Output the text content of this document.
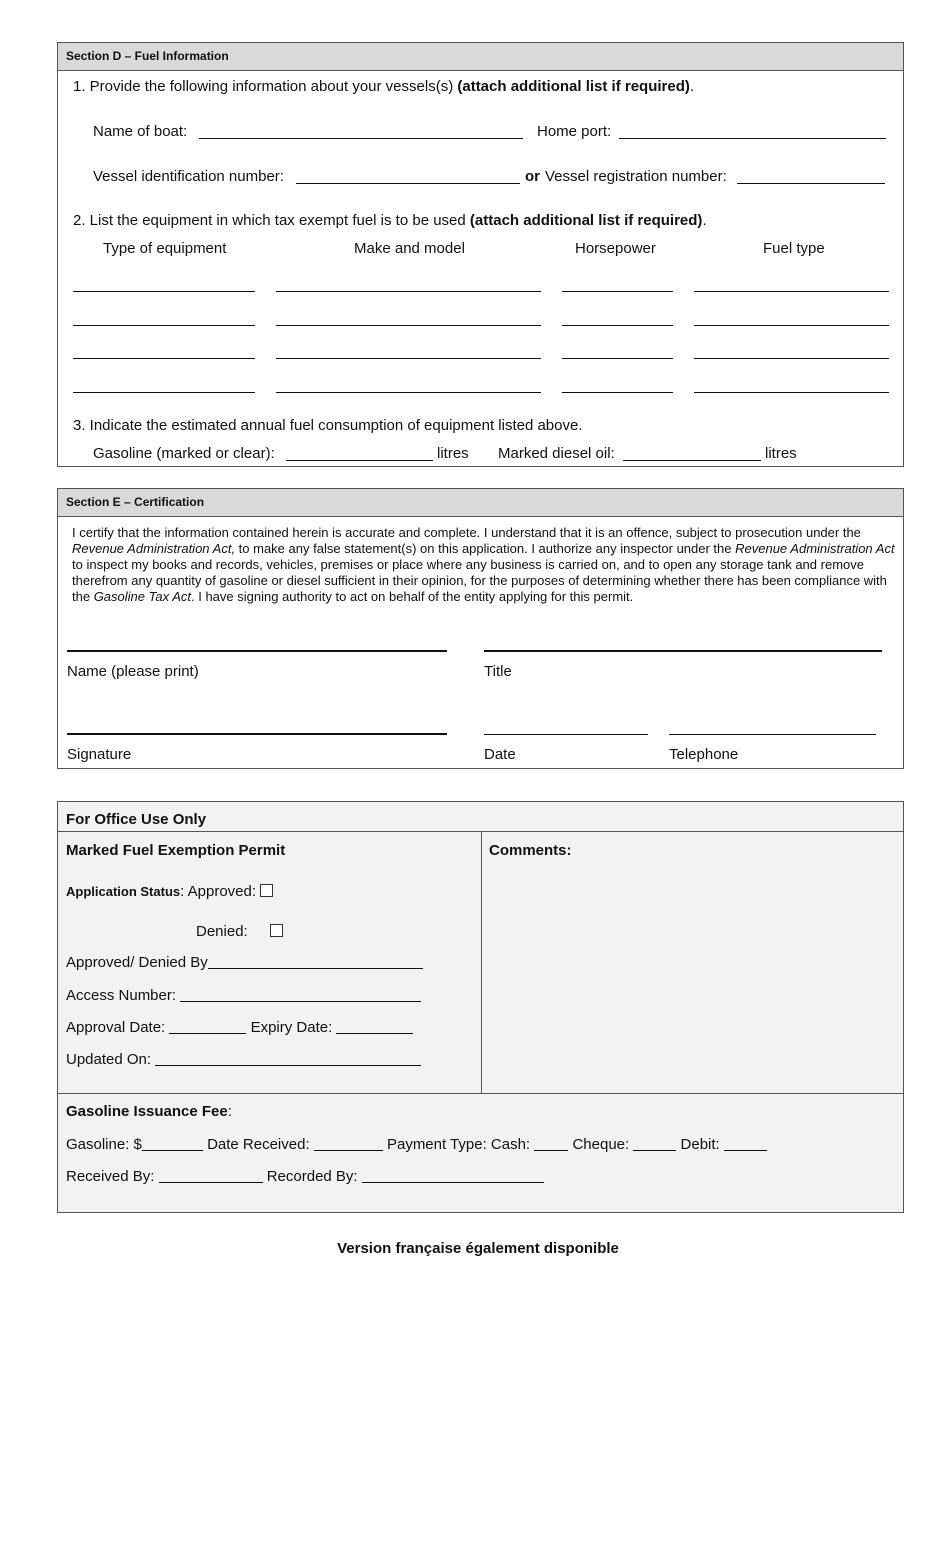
Section D – Fuel Information
1. Provide the following information about your vessels(s) (attach additional list if required).
Name of boat:	Home port:
Vessel identification number:	or Vessel registration number:
2. List the equipment in which tax exempt fuel is to be used (attach additional list if required).
Type of equipment	Make and model	Horsepower	Fuel type
3. Indicate the estimated annual fuel consumption of equipment listed above.
Gasoline (marked or clear):	litres Marked diesel oil:	litres
Section E – Certification
I certify that the information contained herein is accurate and complete. I understand that it is an offence, subject to prosecution under the Revenue Administration Act, to make any false statement(s) on this application. I authorize any inspector under the Revenue Administration Act to inspect my books and records, vehicles, premises or place where any business is carried on, and to open any storage tank and remove therefrom any quantity of gasoline or diesel sufficient in their opinion, for the purposes of determining whether there has been compliance with the Gasoline Tax Act. I have signing authority to act on behalf of the entity applying for this permit.
Name (please print)	Title
Signature	Date	Telephone
For Office Use Only
Marked Fuel Exemption Permit	Comments:
Application Status: Approved:
Denied:
Approved/ Denied By
Access Number:
Approval Date:	Expiry Date:
Updated On:
Gasoline Issuance Fee:
Gasoline: $	Date Received:	Payment Type: Cash:	Cheque:	Debit:
Received By:	Recorded By:
Version française également disponible
